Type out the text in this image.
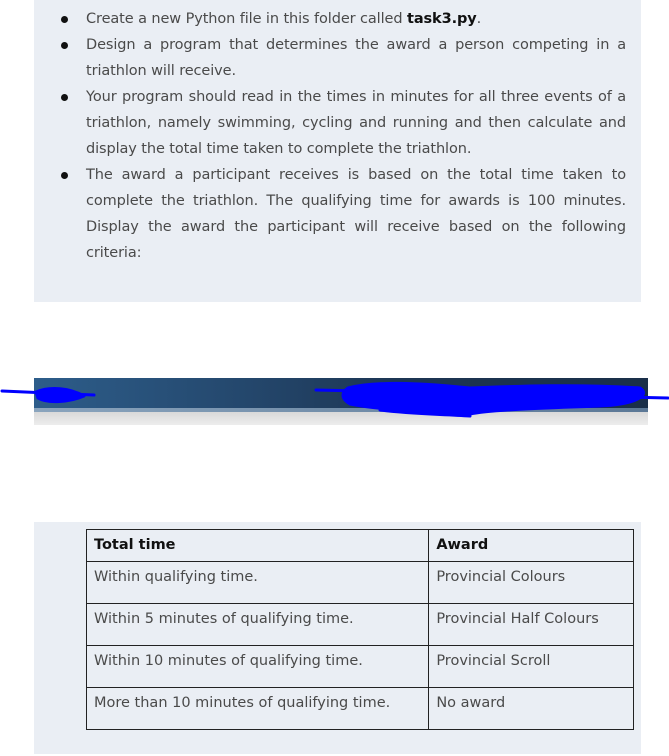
Create a new Python file in this folder called task3.py.
Design a program that determines the award a person competing in a triathlon will receive.
Your program should read in the times in minutes for all three events of a triathlon, namely swimming, cycling and running and then calculate and display the total time taken to complete the triathlon.
The award a participant receives is based on the total time taken to complete the triathlon. The qualifying time for awards is 100 minutes. Display the award the participant will receive based on the following criteria:
Total time	Award
Within qualifying time.	Provincial Colours
Within 5 minutes of qualifying time.	Provincial Half Colours
Within 10 minutes of qualifying time.	Provincial Scroll
More than 10 minutes of qualifying time.	No award
